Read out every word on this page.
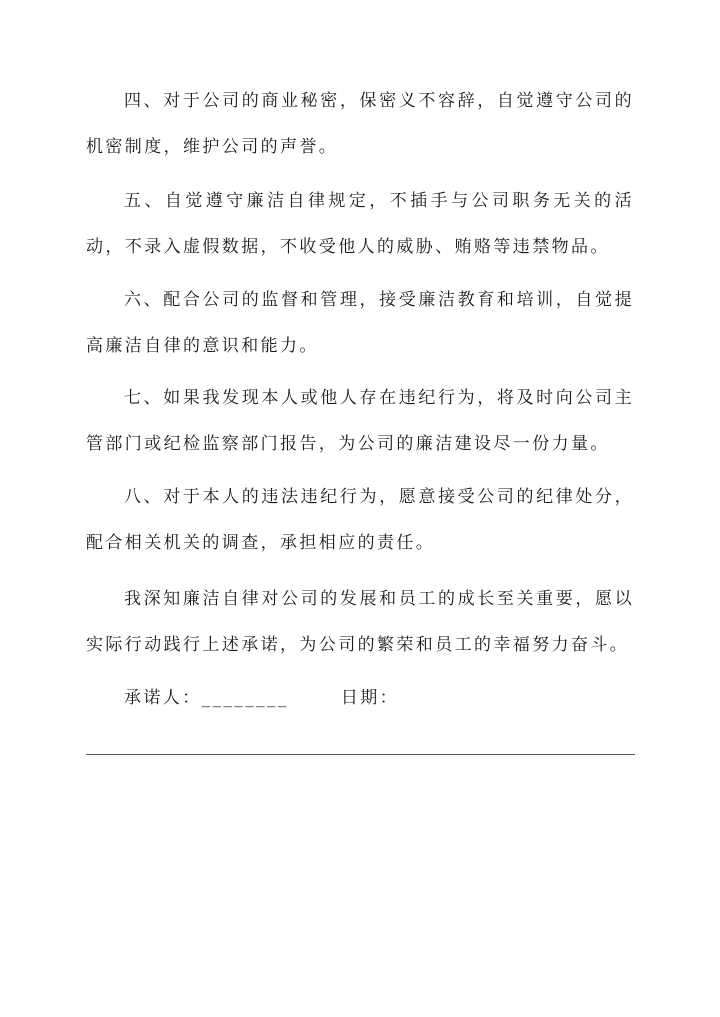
四、对于公司的商业秘密，保密义不容辞，自觉遵守公司的机密制度，维护公司的声誉。

五、自觉遵守廉洁自律规定，不插手与公司职务无关的活动，不录入虚假数据，不收受他人的威胁、贿赂等违禁物品。

六、配合公司的监督和管理，接受廉洁教育和培训，自觉提高廉洁自律的意识和能力。

七、如果我发现本人或他人存在违纪行为，将及时向公司主管部门或纪检监察部门报告，为公司的廉洁建设尽一份力量。

八、对于本人的违法违纪行为，愿意接受公司的纪律处分，配合相关机关的调查，承担相应的责任。

我深知廉洁自律对公司的发展和员工的成长至关重要，愿以实际行动践行上述承诺，为公司的繁荣和员工的幸福努力奋斗。

承诺人：________	日期：
